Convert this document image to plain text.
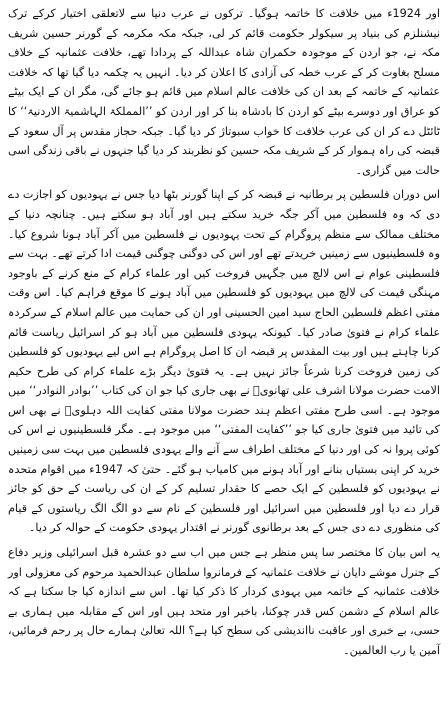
اور 1924ء میں خلافت کا خاتمہ ہوگیا۔ ترکوں نے عرب دنیا سے لاتعلقی اختیار کرکے ترک نیشنلزم کی بنیاد پر سیکولر حکومت قائم کر لی، جبکہ مکہ مکرمہ کے گورنر حسین شریف مکہ نے، جو اردن کے موجودہ حکمران شاہ عبداللہ کے پردادا تھے، خلافت عثمانیہ کے خلاف مسلح بغاوت کر کے عرب خطہ کی آزادی کا اعلان کر دیا۔ انہیں یہ چکمہ دیا گیا تھا کہ خلافت عثمانیہ کے خاتمہ کے بعد ان کی خلافت عالم اسلام میں قائم ہو جائے گی، مگر ان کے ایک بیٹے کو عراق اور دوسرے بیٹے کو اردن کا بادشاہ بنا کر اور اردن کو ’’المملکۃ الہاشمیۃ الاردنیۃ‘‘ کا ٹائٹل دے کر ان کی عرب خلافت کا خواب سبوتاژ کر دیا گیا۔ جبکہ حجاز مقدس پر آل سعود کے قبضہ کی راہ ہموار کر کے شریف مکہ حسین کو نظربند کر دیا گیا جنہوں نے باقی زندگی اسی حالت میں گزاری۔

اس دوران فلسطین پر برطانیہ نے قبضہ کر کے اپنا گورنر بٹھا دیا جس نے یہودیوں کو اجازت دے دی کہ وہ فلسطین میں آکر جگہ خرید سکتے ہیں اور آباد ہو سکتے ہیں۔ چنانچہ دنیا کے مختلف ممالک سے منظم پروگرام کے تحت یہودیوں نے فلسطین میں آکر آباد ہونا شروع کیا۔ وہ فلسطینیوں سے زمینیں خریدتے تھے اور اس کی دوگنی چوگنی قیمت ادا کرتے تھے۔ بہت سے فلسطینی عوام نے اس لالچ میں جگہیں فروخت کیں اور علماء کرام کے منع کرنے کے باوجود مہنگی قیمت کی لالچ میں یہودیوں کو فلسطین میں آباد ہونے کا موقع فراہم کیا۔ اس وقت مفتی اعظم فلسطین الحاج سید امین الحسینی اور ان کی حمایت میں عالم اسلام کے سرکردہ علماء کرام نے فتویٰ صادر کیا۔ کیونکہ یہودی فلسطین میں آباد ہو کر اسرائیل ریاست قائم کرنا چاہتے ہیں اور بیت المقدس پر قبضہ ان کا اصل پروگرام ہے اس لیے یہودیوں کو فلسطین کی زمین فروخت کرنا شرعاً جائز نہیں ہے۔ یہ فتویٰ دیگر بڑے علماء کرام کی طرح حکیم الامت حضرت مولانا اشرف علی تھانویؒ نے بھی جاری کیا جو ان کی کتاب ’’بوادر النوادر‘‘ میں موجود ہے۔ اسی طرح مفتی اعظم ہند حضرت مولانا مفتی کفایت اللہ دہلویؒ نے بھی اس کی تائید میں فتویٰ جاری کیا جو ’’کفایت المفتی‘‘ میں موجود ہے۔ مگر فلسطینیوں نے اس کی کوئی پروا نہ کی اور دنیا کے مختلف اطراف سے آنے والے یہودی فلسطین میں بہت سی زمینیں خرید کر اپنی بستیاں بنانے اور آباد ہونے میں کامیاب ہو گئے۔ حتیٰ کہ 1947ء میں اقوام متحدہ نے یہودیوں کو فلسطین کے ایک حصے کا حقدار تسلیم کر کے ان کی ریاست کے حق کو جائز قرار دے دیا اور فلسطین میں اسرائیل اور فلسطین کے نام سے دو الگ الگ ریاستوں کے قیام کی منظوری دے دی جس کے بعد برطانوی گورنر نے اقتدار یہودی حکومت کے حوالہ کر دیا۔

یہ اس بیان کا مختصر سا پس منظر ہے جس میں اب سے دو عشرہ قبل اسرائیلی وزیر دفاع کے جنرل موشے دایان نے خلافت عثمانیہ کے فرمانروا سلطان عبدالحمید مرحوم کی معزولی اور خلافت عثمانیہ کے خاتمہ میں یہودی کردار کا ذکر کیا تھا۔ اس سے اندازہ کیا جا سکتا ہے کہ عالم اسلام کے دشمن کس قدر چوکنا، باخبر اور متحد ہیں اور اس کے مقابلہ میں ہماری بے حسی، بے خبری اور عاقبت نااندیشی کی سطح کیا ہے؟ اللہ تعالیٰ ہمارے حال پر رحم فرمائیں، آمین یا رب العالمین۔
